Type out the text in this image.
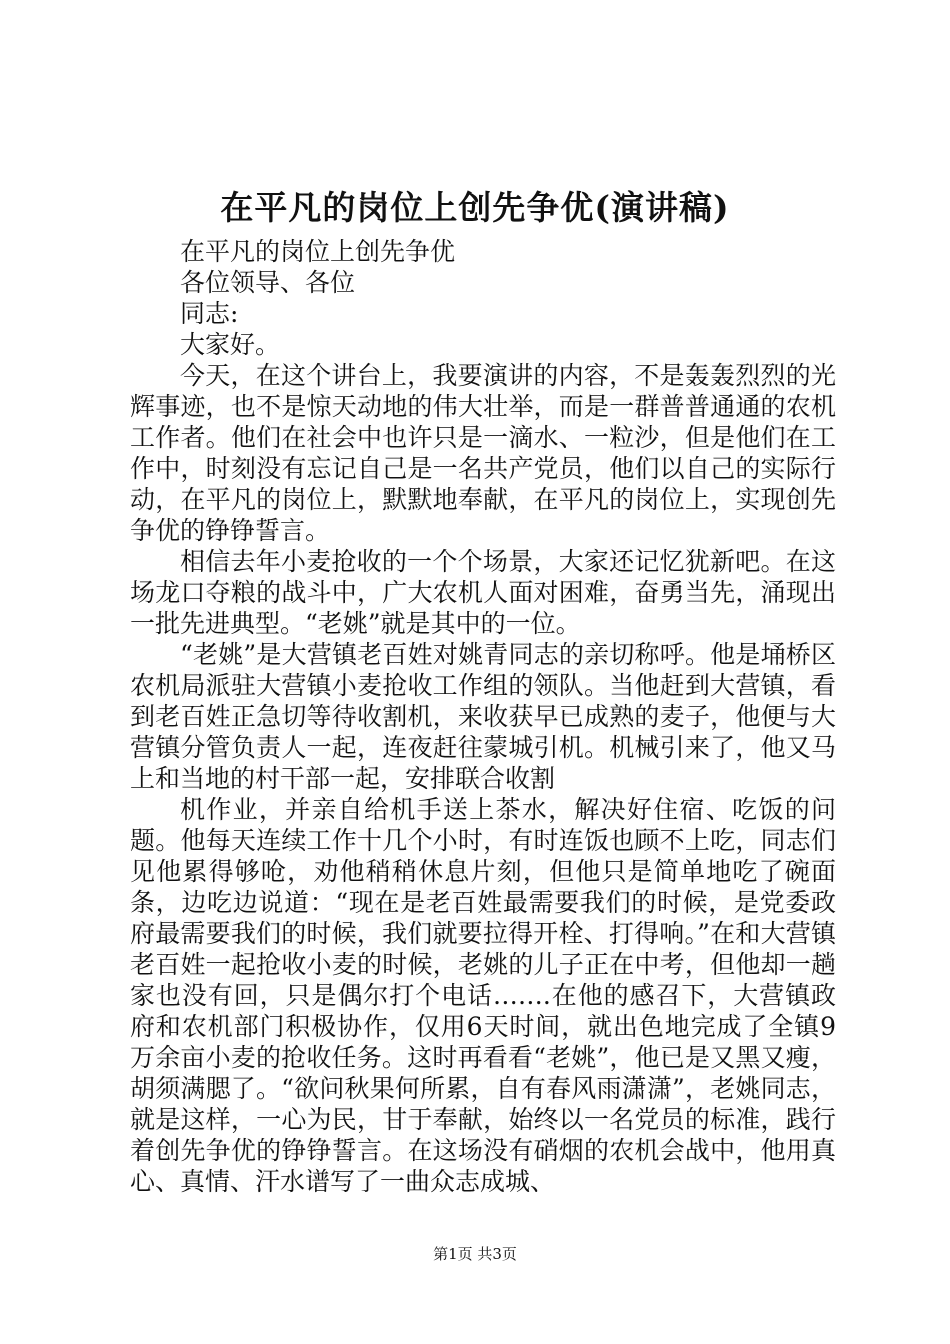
在平凡的岗位上创先争优(演讲稿)

在平凡的岗位上创先争优

各位领导、各位

同志:

大家好。

今天，在这个讲台上，我要演讲的内容，不是轰轰烈烈的光辉事迹，也不是惊天动地的伟大壮举，而是一群普普通通的农机工作者。他们在社会中也许只是一滴水、一粒沙，但是他们在工作中，时刻没有忘记自己是一名共产党员，他们以自己的实际行动，在平凡的岗位上，默默地奉献，在平凡的岗位上，实现创先争优的铮铮誓言。

相信去年小麦抢收的一个个场景，大家还记忆犹新吧。在这场龙口夺粮的战斗中，广大农机人面对困难，奋勇当先，涌现出一批先进典型。“老姚”就是其中的一位。

“老姚”是大营镇老百姓对姚青同志的亲切称呼。他是埇桥区农机局派驻大营镇小麦抢收工作组的领队。当他赶到大营镇，看到老百姓正急切等待收割机，来收获早已成熟的麦子，他便与大营镇分管负责人一起，连夜赶往蒙城引机。机械引来了，他又马上和当地的村干部一起，安排联合收割

机作业，并亲自给机手送上茶水，解决好住宿、吃饭的问题。他每天连续工作十几个小时，有时连饭也顾不上吃，同志们见他累得够呛，劝他稍稍休息片刻，但他只是简单地吃了碗面条，边吃边说道：“现在是老百姓最需要我们的时候，是党委政府最需要我们的时候，我们就要拉得开栓、打得响。”在和大营镇老百姓一起抢收小麦的时候，老姚的儿子正在中考，但他却一趟家也没有回，只是偶尔打个电话…….在他的感召下，大营镇政府和农机部门积极协作，仅用6天时间，就出色地完成了全镇9万余亩小麦的抢收任务。这时再看看“老姚”，他已是又黑又瘦，胡须满腮了。“欲问秋果何所累，自有春风雨潇潇”，老姚同志，就是这样，一心为民，甘于奉献，始终以一名党员的标准，践行着创先争优的铮铮誓言。在这场没有硝烟的农机会战中，他用真心、真情、汗水谱写了一曲众志成城、

第1页 共3页
